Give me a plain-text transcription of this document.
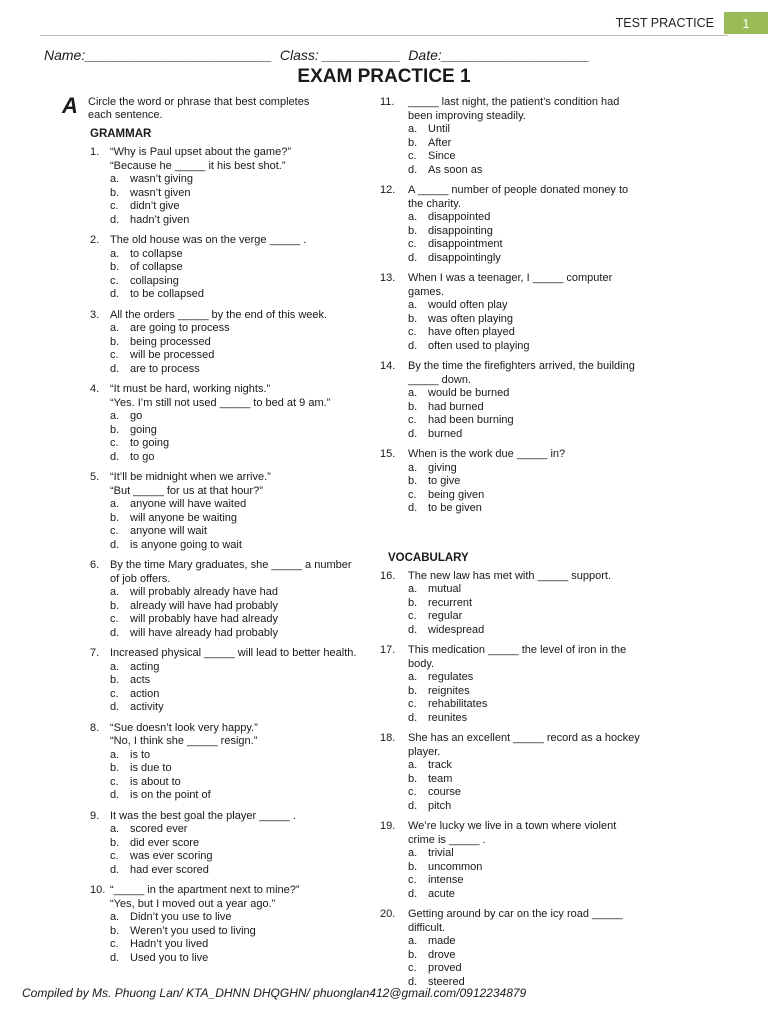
TEST PRACTICE	1
Name:________________________  Class: __________  Date:___________________
EXAM PRACTICE 1
A Circle the word or phrase that best completes each sentence.
GRAMMAR
1. “Why is Paul upset about the game?”
“Because he _____ it his best shot.”
a. wasn’t giving
b. wasn’t given
c.	didn’t give
d. hadn’t given
2. The old house was on the verge _____ .
a. to collapse
b. of collapse
c.	collapsing
d. to be collapsed
3. All the orders _____ by the end of this week.
a. are going to process
b. being processed
c.	will be processed
d. are to process
4. “It must be hard, working nights.”
“Yes. I’m still not used _____ to bed at 9 am.”
a. go
b. going
c.	to going
d. to go
5. “It’ll be midnight when we arrive.”
“But _____ for us at that hour?”
a. anyone will have waited
b. will anyone be waiting
c.	anyone will wait
d. is anyone going to wait
6. By the time Mary graduates, she _____ a number
of job offers.
a. will probably already have had
b. already will have had probably
c.	will probably have had already
d. will have already had probably
7. Increased physical _____ will lead to better health.
a. acting
b. acts
c.	action
d. activity
8. “Sue doesn’t look very happy.”
“No, I think she _____ resign.”
a. is to
b. is due to
c.	is about to
d. is on the point of
9. It was the best goal the player _____ .
a. scored ever
b. did ever score
c.	was ever scoring
d. had ever scored
10. “_____ in the apartment next to mine?”
“Yes, but I moved out a year ago.”
a. Didn’t you use to live
b. Weren’t you used to living
c.	Hadn’t you lived
d. Used you to live
11. _____ last night, the patient’s condition had
been improving steadily.
a. Until
b. After
c.	Since
d. As soon as
12. A _____ number of people donated money to
the charity.
a. disappointed
b. disappointing
c.	disappointment
d. disappointingly
13. When I was a teenager, I _____ computer
games.
a. would often play
b. was often playing
c.	have often played
d. often used to playing
14. By the time the firefighters arrived, the building
_____ down.
a. would be burned
b. had burned
c.	had been burning
d. burned
15. When is the work due _____ in?
a. giving
b. to give
c.	being given
d. to be given
VOCABULARY
16. The new law has met with _____ support.
a. mutual
b. recurrent
c.	regular
d. widespread
17. This medication _____ the level of iron in the
body.
a. regulates
b. reignites
c.	rehabilitates
d. reunites
18. She has an excellent _____ record as a hockey
player.
a. track
b. team
c.	course
d. pitch
19. We’re lucky we live in a town where violent
crime is _____ .
a. trivial
b. uncommon
c.	intense
d. acute
20. Getting around by car on the icy road _____
difficult.
a. made
b. drove
c.	proved
d. steered
Compiled by Ms. Phuong Lan/ KTA_DHNN DHQGHN/ phuonglan412@gmail.com/0912234879
